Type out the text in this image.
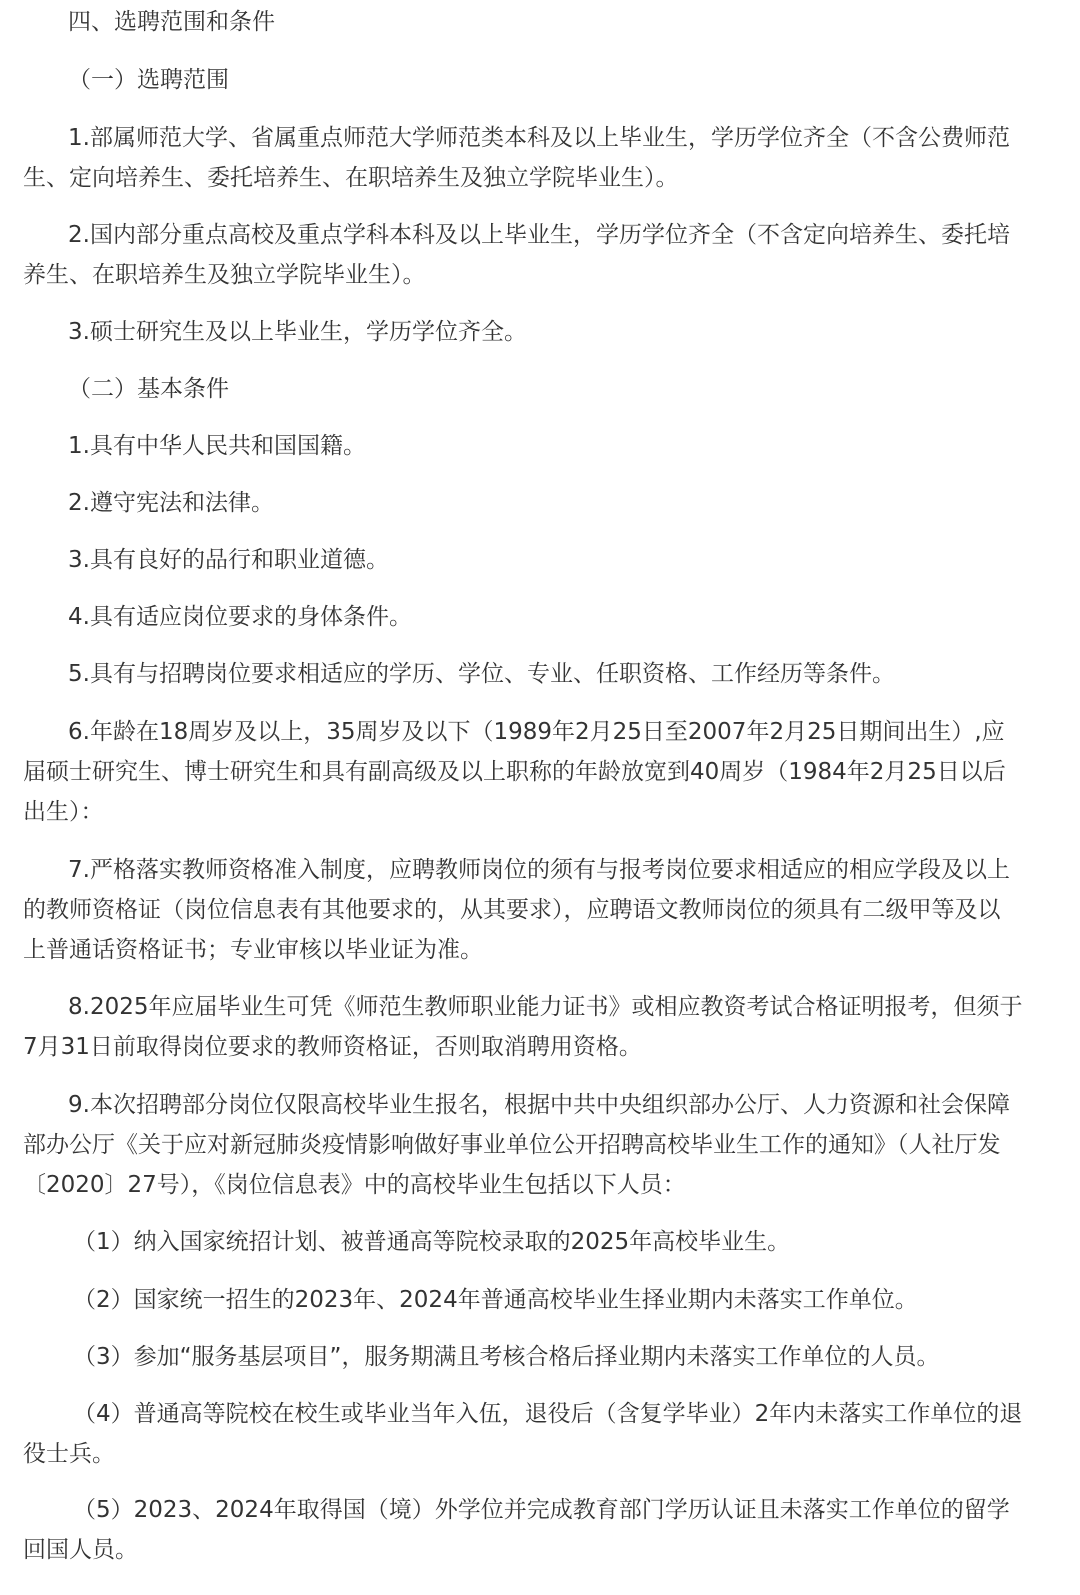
四、选聘范围和条件

（一）选聘范围

1.部属师范大学、省属重点师范大学师范类本科及以上毕业生，学历学位齐全（不含公费师范生、定向培养生、委托培养生、在职培养生及独立学院毕业生）。

2.国内部分重点高校及重点学科本科及以上毕业生，学历学位齐全（不含定向培养生、委托培养生、在职培养生及独立学院毕业生）。

3.硕士研究生及以上毕业生，学历学位齐全。

（二）基本条件

1.具有中华人民共和国国籍。

2.遵守宪法和法律。

3.具有良好的品行和职业道德。

4.具有适应岗位要求的身体条件。

5.具有与招聘岗位要求相适应的学历、学位、专业、任职资格、工作经历等条件。

6.年龄在18周岁及以上，35周岁及以下（1989年2月25日至2007年2月25日期间出生）,应届硕士研究生、博士研究生和具有副高级及以上职称的年龄放宽到40周岁（1984年2月25日以后出生）：

7.严格落实教师资格准入制度，应聘教师岗位的须有与报考岗位要求相适应的相应学段及以上的教师资格证（岗位信息表有其他要求的，从其要求），应聘语文教师岗位的须具有二级甲等及以上普通话资格证书；专业审核以毕业证为准。

8.2025年应届毕业生可凭《师范生教师职业能力证书》或相应教资考试合格证明报考，但须于7月31日前取得岗位要求的教师资格证，否则取消聘用资格。

9.本次招聘部分岗位仅限高校毕业生报名，根据中共中央组织部办公厅、人力资源和社会保障部办公厅《关于应对新冠肺炎疫情影响做好事业单位公开招聘高校毕业生工作的通知》（人社厅发〔2020〕27号），《岗位信息表》中的高校毕业生包括以下人员：

（1）纳入国家统招计划、被普通高等院校录取的2025年高校毕业生。

（2）国家统一招生的2023年、2024年普通高校毕业生择业期内未落实工作单位。

（3）参加“服务基层项目”，服务期满且考核合格后择业期内未落实工作单位的人员。

（4）普通高等院校在校生或毕业当年入伍，退役后（含复学毕业）2年内未落实工作单位的退役士兵。

（5）2023、2024年取得国（境）外学位并完成教育部门学历认证且未落实工作单位的留学回国人员。
